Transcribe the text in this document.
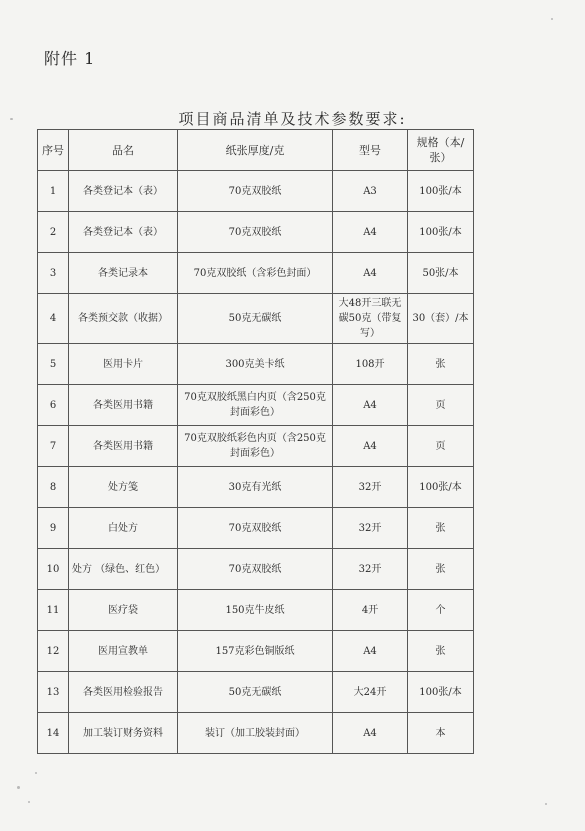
附件 1
项目商品清单及技术参数要求:
序号	品名	纸张厚度/克	型号	规格（本/张）
1	各类登记本（表）	70克双胶纸	A3	100张/本
2	各类登记本（表）	70克双胶纸	A4	100张/本
3	各类记录本	70克双胶纸（含彩色封面）	A4	50张/本
4	各类预交款（收据）	50克无碳纸	大48开三联无碳50克（带复写）	30（套）/本
5	医用卡片	300克美卡纸	108开	张
6	各类医用书籍	70克双胶纸黑白内页（含250克封面彩色）	A4	页
7	各类医用书籍	70克双胶纸彩色内页（含250克封面彩色）	A4	页
8	处方笺	30克有光纸	32开	100张/本
9	白处方	70克双胶纸	32开	张
10	处方 （绿色、红色）	70克双胶纸	32开	张
11	医疗袋	150克牛皮纸	4开	个
12	医用宣教单	157克彩色铜版纸	A4	张
13	各类医用检验报告	50克无碳纸	大24开	100张/本
14	加工装订财务资料	装订（加工胶装封面）	A4	本
